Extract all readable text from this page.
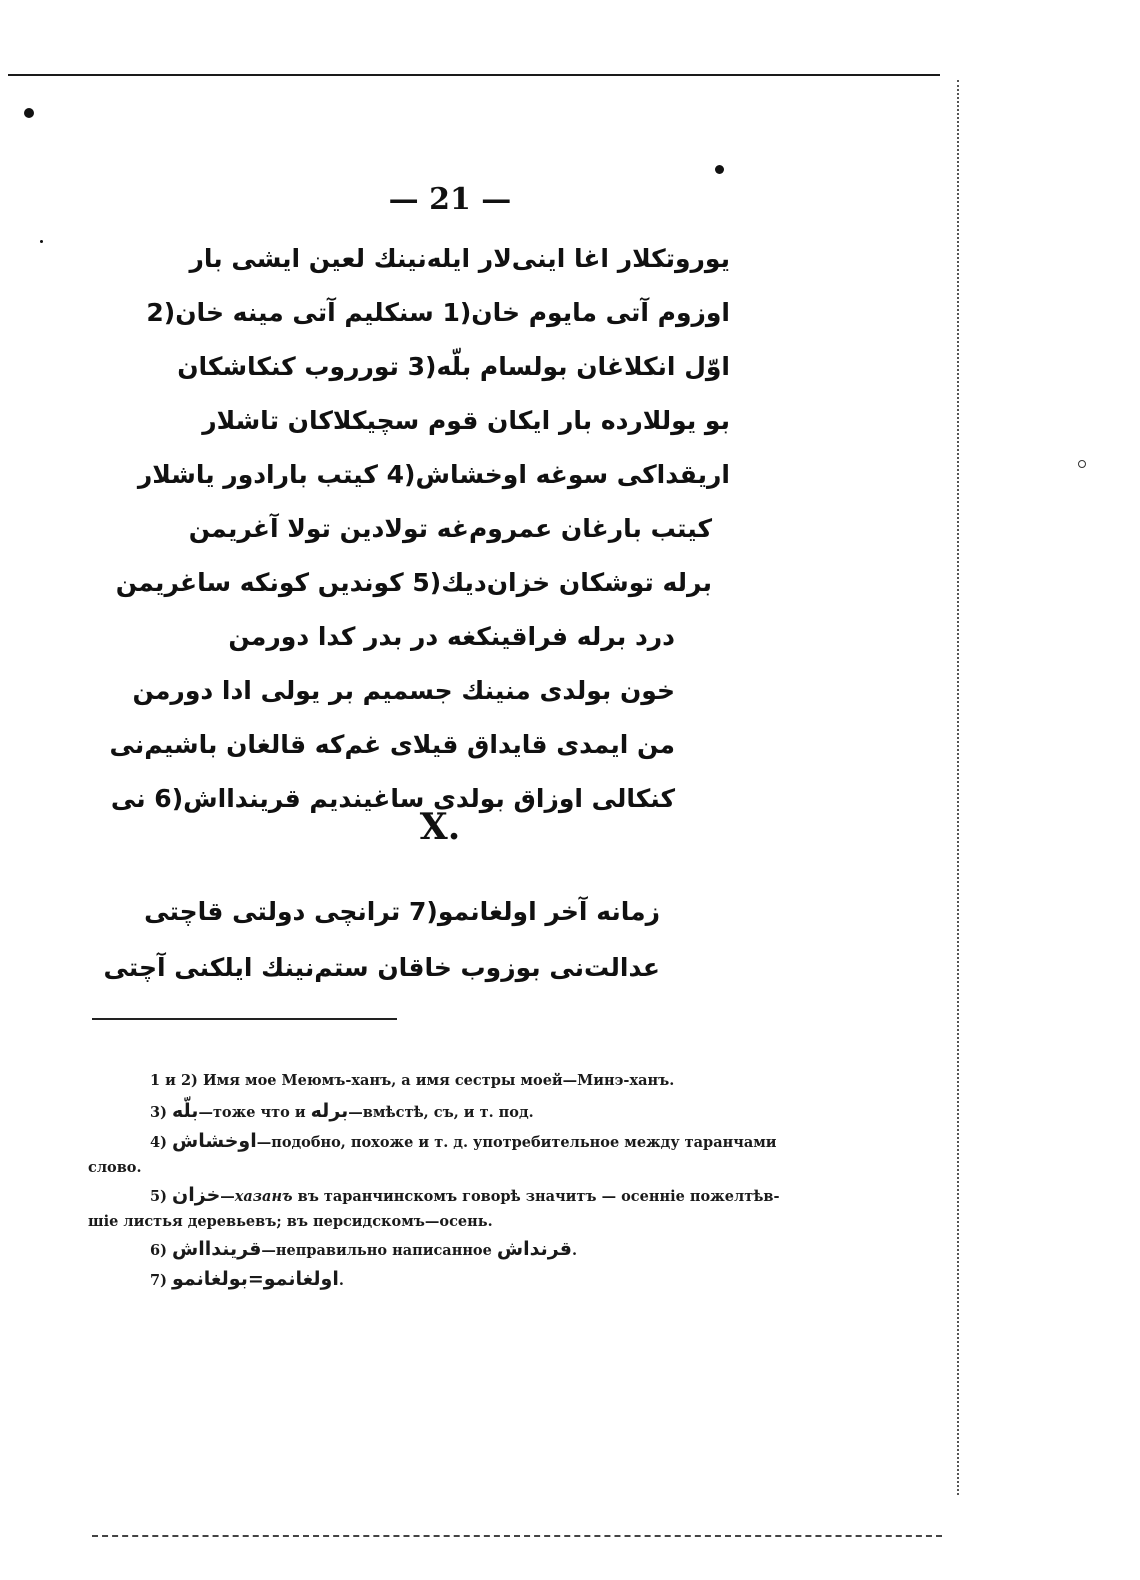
— 21 —
يوروتكلار اغا اينى‌لار ايلەنينك لعين ايشى بار
اوزوم آتى مايوم خان(1 سنكليم آتى مينه خان(2
اوّل انكلاغان بولسام بلّە(3 تورروب كنكاشكان
بو يوللارده بار ايكان قوم سچيكلاكان تاشلار
اريقداكى سوغه اوخشاش(4 كيتب بارادور ياشلار
كيتب بارغان عمروم‌غه تولادين تولا آغريمن
برله توشكان خزان‌ديك(5 كونديں كونكه ساغريمن
درد برله فراقينكغه در بدر كدا دورمن
خون بولدى منينك جسميم بر يولى ادا دورمن
من ايمدى قايداق قيلاى غم‌كه قالغان باشيم‌نى
كنكالى اوزاق بولدى ساغينديم قريندااش(6 نى
X.
زمانه آخر اولغانمو(7 ترانچى دولتى قاچتى
عدالت‌نى بوزوب خاقان ستم‌نينك ايلكنى آچتى
1 и 2) Имя мое Меюмъ-ханъ, а имя сестры моей—Минэ-ханъ.
3) بلّە—тоже что и برله—вмѣстѣ, съ, и т. под.
4) اوخشاش—подобно, похоже и т. д. употребительное между таранчами
слово.
5) خزان—хазанъ въ таранчинскомъ говорѣ значитъ — осеннiе пожелтѣв-
шiе листья деревьевъ; въ персидскомъ—осень.
6) قريندااش—неправильно написанное قرنداش.
7) اولغانمو=بولغانمو.
